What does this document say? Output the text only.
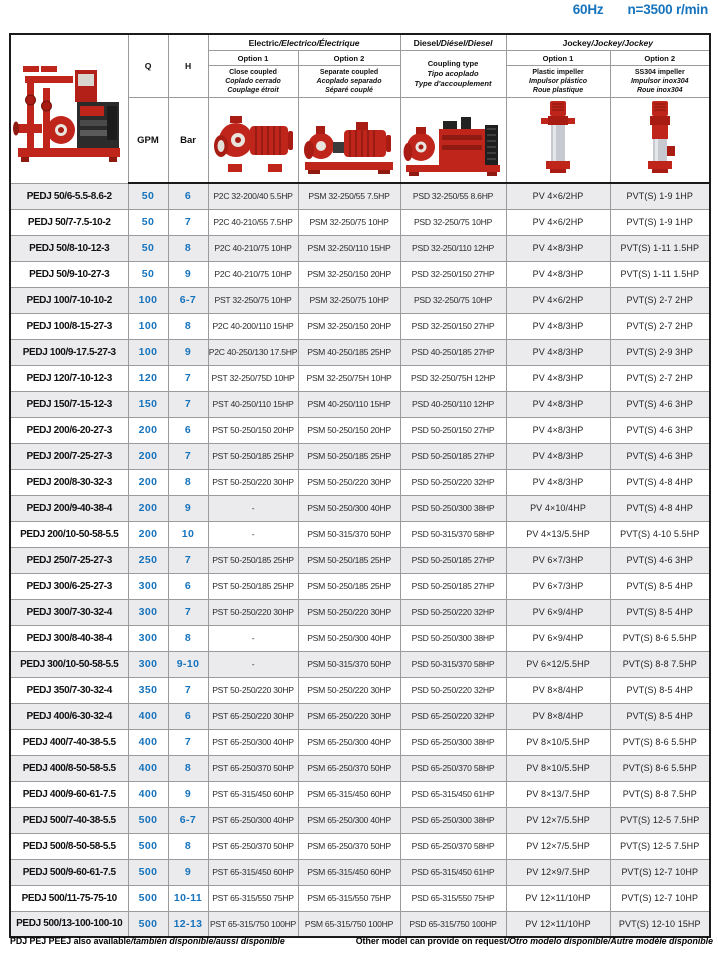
60Hz n=3500 r/min
	Q	H	Electric/Electrico/Électrique		Diesel/Diésel/Diesel	Jockey/Jockey/Jockey	
			Option 1	Option 2	Coupling type
Tipo acoplado
Type d'accouplement	Option 1	Option 2

			Close coupled
Coplado cerrado
Couplage étroit	Separate coupled
Acoplado separado
Séparé couplé		Plastic impeller
Impulsor plástico
Roue plastique	SS304 impeller
Impulsor inox304
Roue inox304

	GPM	Bar	

PEDJ 50/6-5.5-8.6-2	50	6	P2C 32-200/40 5.5HP	PSM 32-250/55 7.5HP	PSD 32-250/55 8.6HP	PV 4×6/2HP	PVT(S) 1-9 1HP
PEDJ 50/7-7.5-10-2	50	7	P2C 40-210/55 7.5HP	PSM 32-250/75 10HP	PSD 32-250/75 10HP	PV 4×6/2HP	PVT(S) 1-9 1HP
PEDJ 50/8-10-12-3	50	8	P2C 40-210/75 10HP	PSM 32-250/110 15HP	PSD 32-250/110 12HP	PV 4×8/3HP	PVT(S) 1-11 1.5HP
PEDJ 50/9-10-27-3	50	9	P2C 40-210/75 10HP	PSM 32-250/150 20HP	PSD 32-250/150 27HP	PV 4×8/3HP	PVT(S) 1-11 1.5HP
PEDJ 100/7-10-10-2	100	6-7	PST 32-250/75 10HP	PSM 32-250/75 10HP	PSD 32-250/75 10HP	PV 4×6/2HP	PVT(S) 2-7 2HP
PEDJ 100/8-15-27-3	100	8	P2C 40-200/110 15HP	PSM 32-250/150 20HP	PSD 32-250/150 27HP	PV 4×8/3HP	PVT(S) 2-7 2HP
PEDJ 100/9-17.5-27-3	100	9	P2C 40-250/130 17.5HP	PSM 40-250/185 25HP	PSD 40-250/185 27HP	PV 4×8/3HP	PVT(S) 2-9 3HP
PEDJ 120/7-10-12-3	120	7	PST 32-250/75D 10HP	PSM 32-250/75H 10HP	PSD 32-250/75H 12HP	PV 4×8/3HP	PVT(S) 2-7 2HP
PEDJ 150/7-15-12-3	150	7	PST 40-250/110 15HP	PSM 40-250/110 15HP	PSD 40-250/110 12HP	PV 4×8/3HP	PVT(S) 4-6 3HP
PEDJ 200/6-20-27-3	200	6	PST 50-250/150 20HP	PSM 50-250/150 20HP	PSD 50-250/150 27HP	PV 4×8/3HP	PVT(S) 4-6 3HP
PEDJ 200/7-25-27-3	200	7	PST 50-250/185 25HP	PSM 50-250/185 25HP	PSD 50-250/185 27HP	PV 4×8/3HP	PVT(S) 4-6 3HP
PEDJ 200/8-30-32-3	200	8	PST 50-250/220 30HP	PSM 50-250/220 30HP	PSD 50-250/220 32HP	PV 4×8/3HP	PVT(S) 4-8 4HP
PEDJ 200/9-40-38-4	200	9	-	PSM 50-250/300 40HP	PSD 50-250/300 38HP	PV 4×10/4HP	PVT(S) 4-8 4HP
PEDJ 200/10-50-58-5.5	200	10	-	PSM 50-315/370 50HP	PSD 50-315/370 58HP	PV 4×13/5.5HP	PVT(S) 4-10 5.5HP
PEDJ 250/7-25-27-3	250	7	PST 50-250/185 25HP	PSM 50-250/185 25HP	PSD 50-250/185 27HP	PV 6×7/3HP	PVT(S) 4-6 3HP
PEDJ 300/6-25-27-3	300	6	PST 50-250/185 25HP	PSM 50-250/185 25HP	PSD 50-250/185 27HP	PV 6×7/3HP	PVT(S) 8-5 4HP
PEDJ 300/7-30-32-4	300	7	PST 50-250/220 30HP	PSM 50-250/220 30HP	PSD 50-250/220 32HP	PV 6×9/4HP	PVT(S) 8-5 4HP
PEDJ 300/8-40-38-4	300	8	-	PSM 50-250/300 40HP	PSD 50-250/300 38HP	PV 6×9/4HP	PVT(S) 8-6 5.5HP
PEDJ 300/10-50-58-5.5	300	9-10	-	PSM 50-315/370 50HP	PSD 50-315/370 58HP	PV 6×12/5.5HP	PVT(S) 8-8 7.5HP
PEDJ 350/7-30-32-4	350	7	PST 50-250/220 30HP	PSM 50-250/220 30HP	PSD 50-250/220 32HP	PV 8×8/4HP	PVT(S) 8-5 4HP
PEDJ 400/6-30-32-4	400	6	PST 65-250/220 30HP	PSM 65-250/220 30HP	PSD 65-250/220 32HP	PV 8×8/4HP	PVT(S) 8-5 4HP
PEDJ 400/7-40-38-5.5	400	7	PST 65-250/300 40HP	PSM 65-250/300 40HP	PSD 65-250/300 38HP	PV 8×10/5.5HP	PVT(S) 8-6 5.5HP
PEDJ 400/8-50-58-5.5	400	8	PST 65-250/370 50HP	PSM 65-250/370 50HP	PSD 65-250/370 58HP	PV 8×10/5.5HP	PVT(S) 8-6 5.5HP
PEDJ 400/9-60-61-7.5	400	9	PST 65-315/450 60HP	PSM 65-315/450 60HP	PSD 65-315/450 61HP	PV 8×13/7.5HP	PVT(S) 8-8 7.5HP
PEDJ 500/7-40-38-5.5	500	6-7	PST 65-250/300 40HP	PSM 65-250/300 40HP	PSD 65-250/300 38HP	PV 12×7/5.5HP	PVT(S) 12-5 7.5HP
PEDJ 500/8-50-58-5.5	500	8	PST 65-250/370 50HP	PSM 65-250/370 50HP	PSD 65-250/370 58HP	PV 12×7/5.5HP	PVT(S) 12-5 7.5HP
PEDJ 500/9-60-61-7.5	500	9	PST 65-315/450 60HP	PSM 65-315/450 60HP	PSD 65-315/450 61HP	PV 12×9/7.5HP	PVT(S) 12-7 10HP
PEDJ 500/11-75-75-10	500	10-11	PST 65-315/550 75HP	PSM 65-315/550 75HP	PSD 65-315/550 75HP	PV 12×11/10HP	PVT(S) 12-7 10HP
PEDJ 500/13-100-100-10	500	12-13	PST 65-315/750 100HP	PSM 65-315/750 100HP	PSD 65-315/750 100HP	PV 12×11/10HP	PVT(S) 12-10 15HP
PDJ PEJ PEEJ also available/también disponible/aussi disponible	Other model can provide on request/Otro modelo disponible/Autre modèle disponible
